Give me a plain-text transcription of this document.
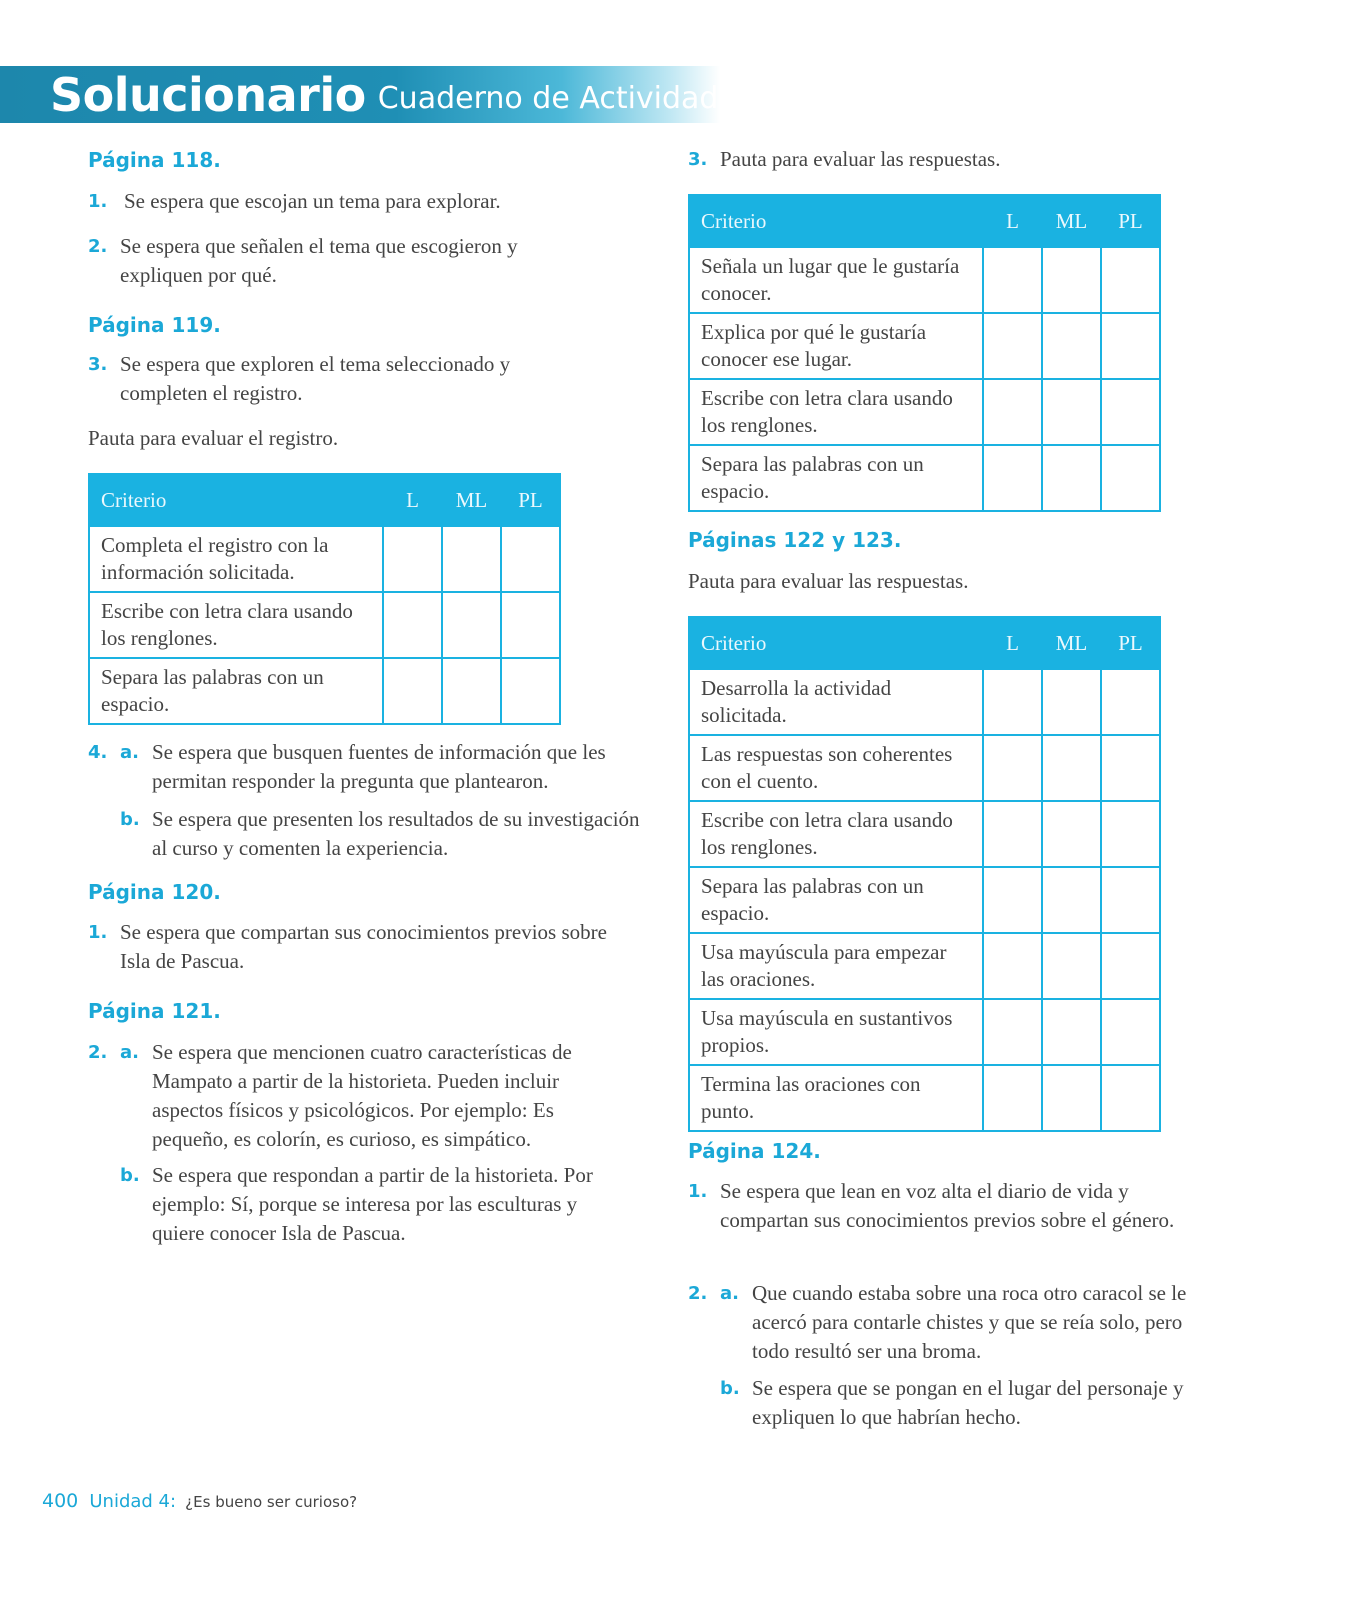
Solucionario Cuaderno de Actividades
Página 118.
1. Se espera que escojan un tema para explorar.
2. Se espera que señalen el tema que escogieron y expliquen por qué.
Página 119.
3. Se espera que exploren el tema seleccionado y completen el registro.

Pauta para evaluar el registro.

Criterio	L	ML	PL
Completa el registro con la información solicitada.			
Escribe con letra clara usando los renglones.			
Separa las palabras con un espacio.			
4. a. Se espera que busquen fuentes de información que les permitan responder la pregunta que plantearon.
b. Se espera que presenten los resultados de su investigación al curso y comenten la experiencia.
Página 120.
1. Se espera que compartan sus conocimientos previos sobre Isla de Pascua.
Página 121.
2. a. Se espera que mencionen cuatro características de Mampato a partir de la historieta. Pueden incluir aspectos físicos y psicológicos. Por ejemplo: Es pequeño, es colorín, es curioso, es simpático.
b. Se espera que respondan a partir de la historieta. Por ejemplo: Sí, porque se interesa por las esculturas y quiere conocer Isla de Pascua.
3. Pauta para evaluar las respuestas.
Criterio	L	ML	PL
Señala un lugar que le gustaría conocer.			
Explica por qué le gustaría conocer ese lugar.			
Escribe con letra clara usando los renglones.			
Separa las palabras con un espacio.			
Páginas 122 y 123.

Pauta para evaluar las respuestas.

Criterio	L	ML	PL
Desarrolla la actividad solicitada.			
Las respuestas son coherentes con el cuento.			
Escribe con letra clara usando los renglones.			
Separa las palabras con un espacio.			
Usa mayúscula para empezar las oraciones.			
Usa mayúscula en sustantivos propios.			
Termina las oraciones con punto.			
Página 124.
1. Se espera que lean en voz alta el diario de vida y compartan sus conocimientos previos sobre el género.
2. a. Que cuando estaba sobre una roca otro caracol se le acercó para contarle chistes y que se reía solo, pero todo resultó ser una broma.
b. Se espera que se pongan en el lugar del personaje y expliquen lo que habrían hecho.
400 Unidad 4: ¿Es bueno ser curioso?
